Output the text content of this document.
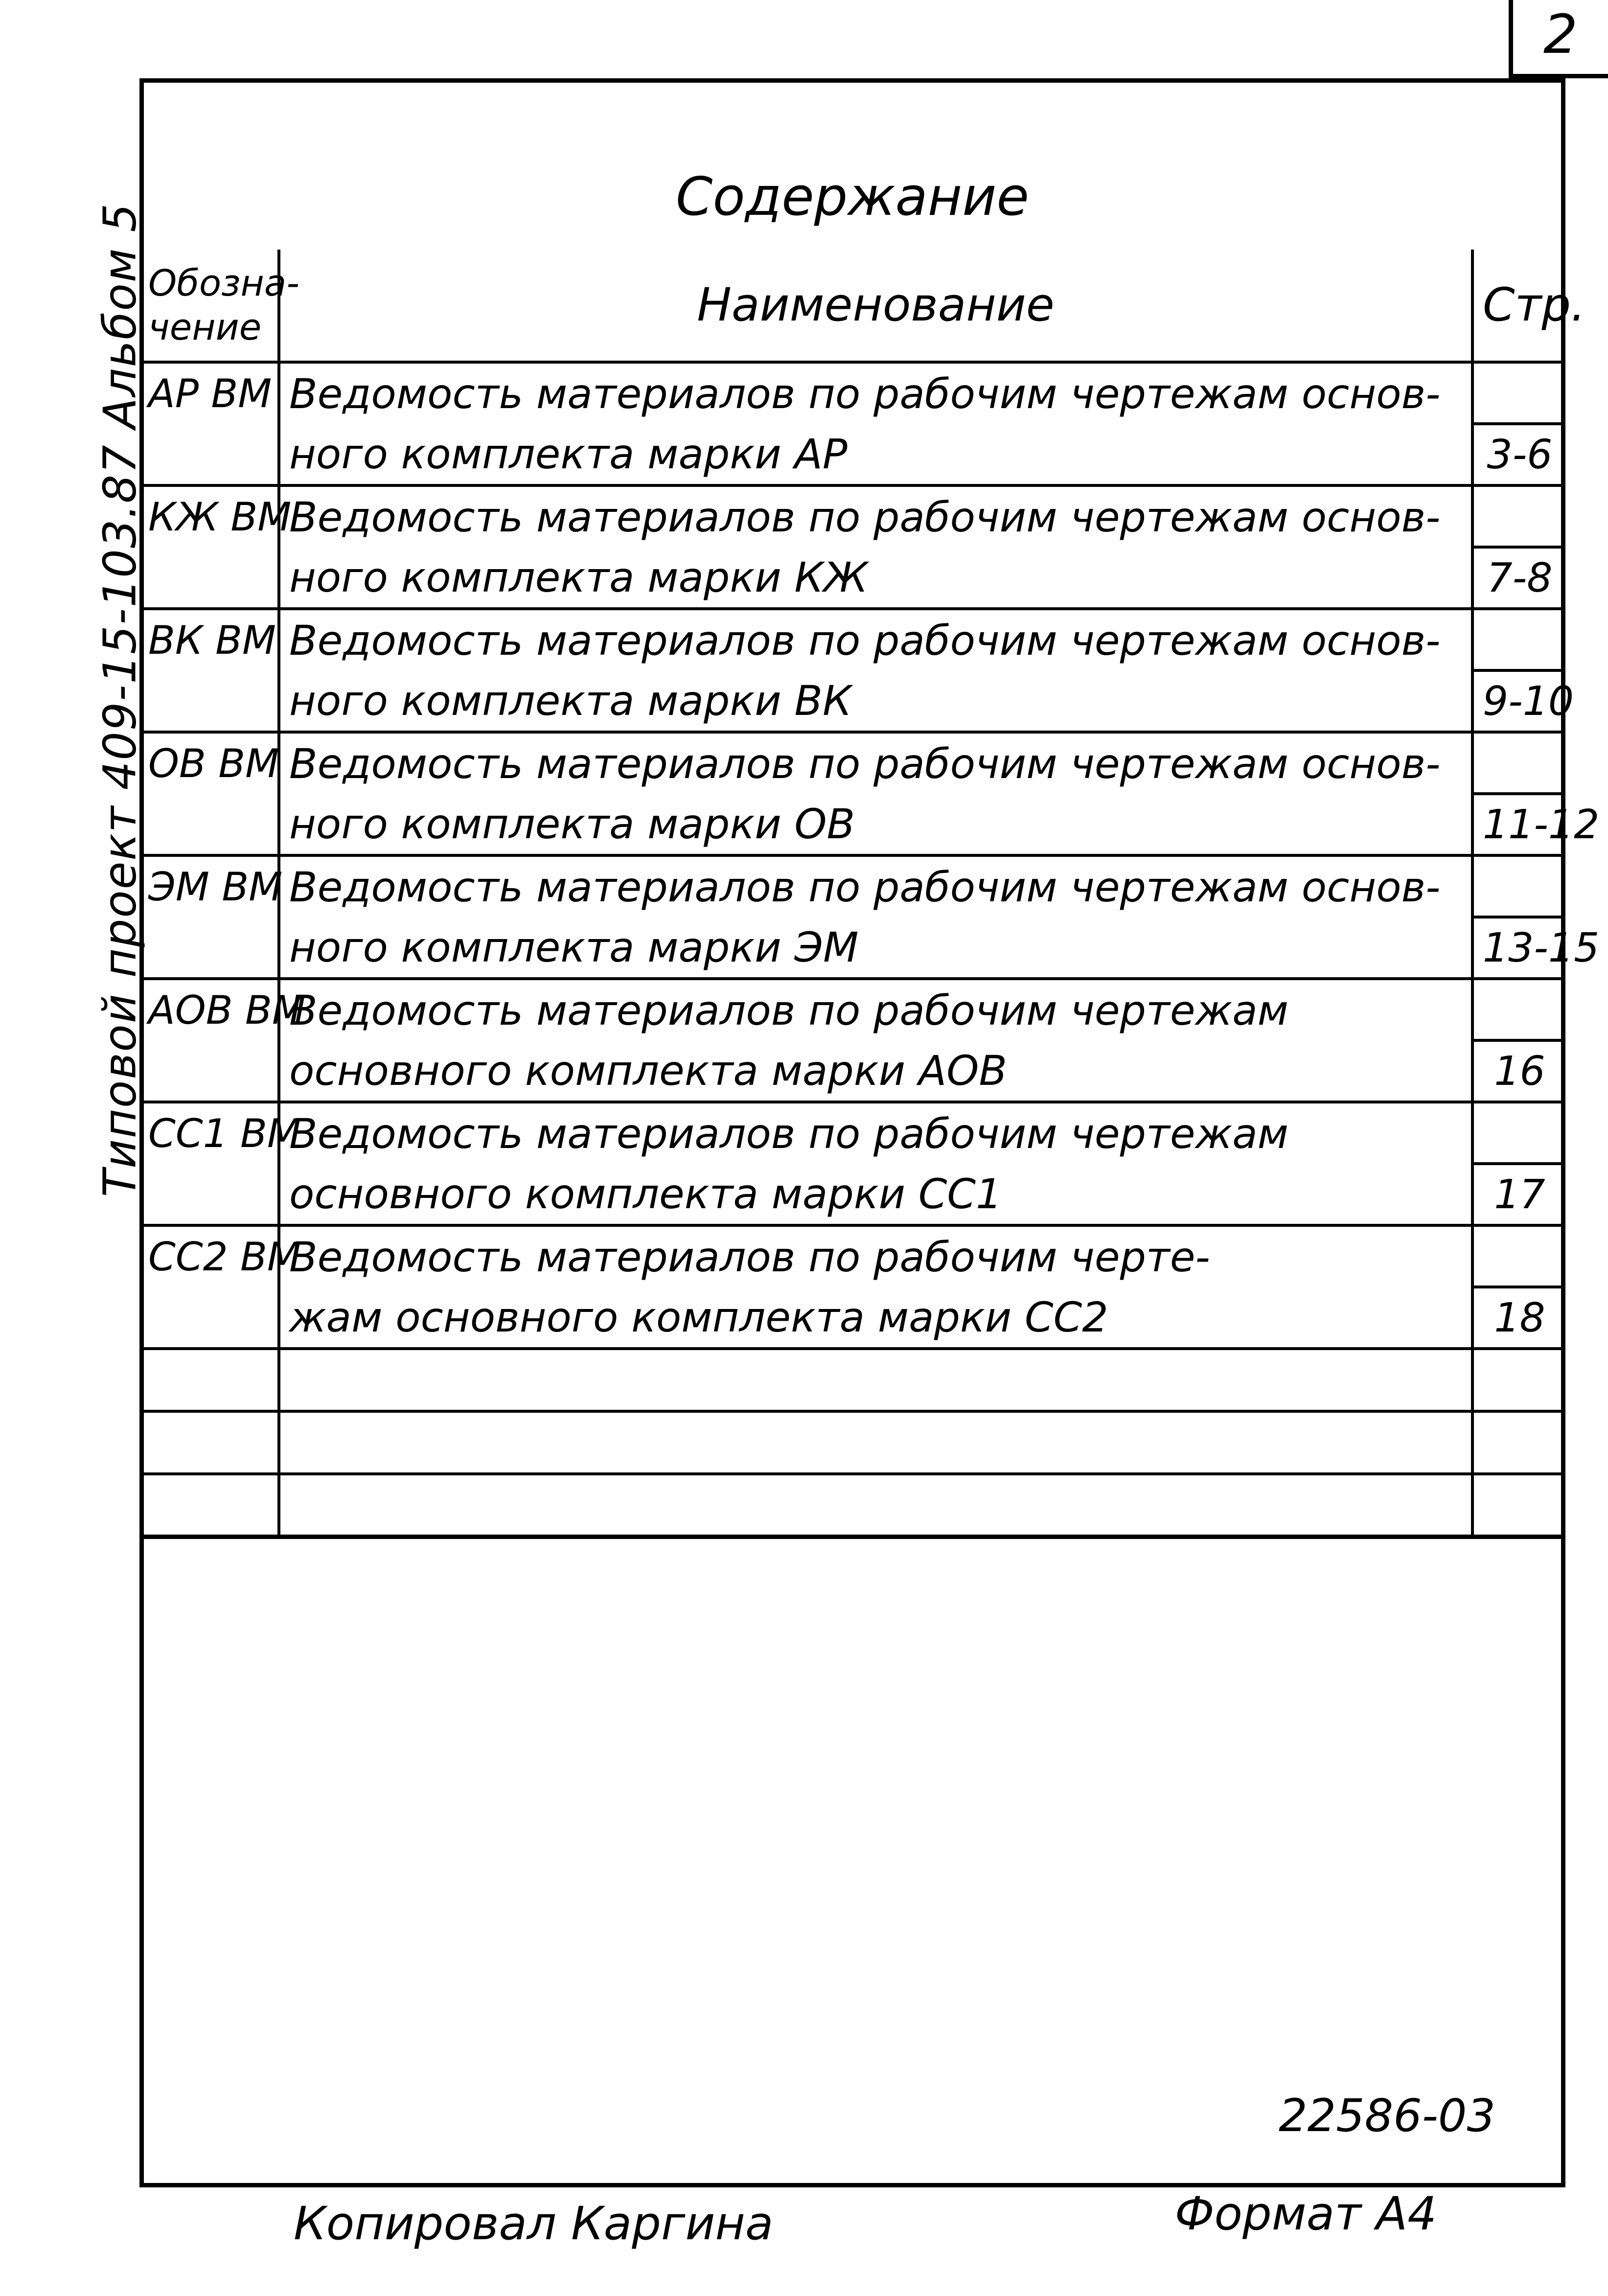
2
Типовой проект 409-15-103.87 Альбом 5
Содержание
Обозна-чение	Наименование	Стр.
АР ВМ	Ведомость материалов по рабочим чертежам основ-	
	ного комплекта марки АР	3-6
КЖ ВМ	Ведомость материалов по рабочим чертежам основ-	
	ного комплекта марки КЖ	7-8
ВК ВМ	Ведомость материалов по рабочим чертежам основ-	
	ного комплекта марки ВК	9-10
ОВ ВМ	Ведомость материалов по рабочим чертежам основ-	
	ного комплекта марки ОВ	11-12
ЭМ ВМ	Ведомость материалов по рабочим чертежам основ-	
	ного комплекта марки ЭМ	13-15
АОВ ВМ	Ведомость материалов по рабочим чертежам	
	основного комплекта марки АОВ	16
СС1 ВМ	Ведомость материалов по рабочим чертежам	
	основного комплекта марки СС1	17
СС2 ВМ	Ведомость материалов по рабочим черте-	
	жам основного комплекта марки СС2	18

22586-03
Копировал Каргина	Формат А4
